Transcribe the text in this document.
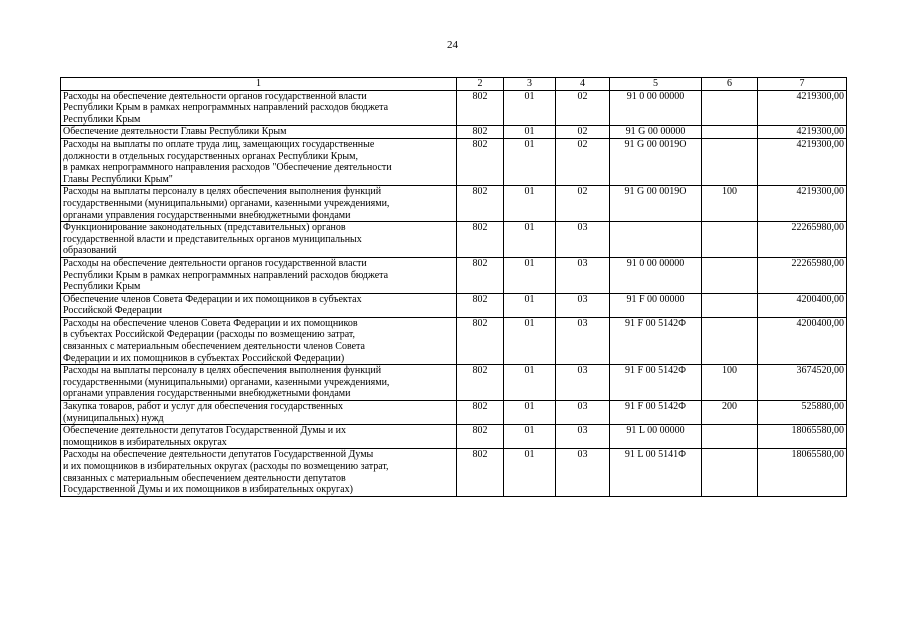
24
1	2	3	4	5	6	7
Расходы на обеспечение деятельности органов государственной власти
Республики Крым в рамках непрограммных направлений расходов бюджета
Республики Крым	802	01	02	91 0 00 00000		4219300,00
Обеспечение деятельности Главы Республики Крым	802	01	02	91 G 00 00000		4219300,00
Расходы на выплаты по оплате труда лиц, замещающих государственные
должности в отдельных государственных органах Республики Крым,
в рамках непрограммного направления расходов "Обеспечение деятельности
Главы Республики Крым"	802	01	02	91 G 00 0019О		4219300,00
Расходы на выплаты персоналу в целях обеспечения выполнения функций
государственными (муниципальными) органами, казенными учреждениями,
органами управления государственными внебюджетными фондами	802	01	02	91 G 00 0019О	100	4219300,00
Функционирование законодательных (представительных) органов
государственной власти и представительных органов муниципальных
образований	802	01	03			22265980,00
Расходы на обеспечение деятельности органов государственной власти
Республики Крым в рамках непрограммных направлений расходов бюджета
Республики Крым	802	01	03	91 0 00 00000		22265980,00
Обеспечение членов Совета Федерации и их помощников в субъектах
Российской Федерации	802	01	03	91 F 00 00000		4200400,00
Расходы на обеспечение членов Совета Федерации и их помощников
в субъектах Российской Федерации (расходы по возмещению затрат,
связанных с материальным обеспечением деятельности членов Совета
Федерации и их помощников в субъектах Российской Федерации)	802	01	03	91 F 00 5142Ф		4200400,00
Расходы на выплаты персоналу в целях обеспечения выполнения функций
государственными (муниципальными) органами, казенными учреждениями,
органами управления государственными внебюджетными фондами	802	01	03	91 F 00 5142Ф	100	3674520,00
Закупка товаров, работ и услуг для обеспечения государственных
(муниципальных) нужд	802	01	03	91 F 00 5142Ф	200	525880,00
Обеспечение деятельности депутатов Государственной Думы и их
помощников в избирательных округах	802	01	03	91 L 00 00000		18065580,00
Расходы на обеспечение деятельности депутатов Государственной Думы
и их помощников в избирательных округах (расходы по возмещению затрат,
связанных с материальным обеспечением деятельности депутатов
Государственной Думы и их помощников в избирательных округах)	802	01	03	91 L 00 5141Ф		18065580,00
